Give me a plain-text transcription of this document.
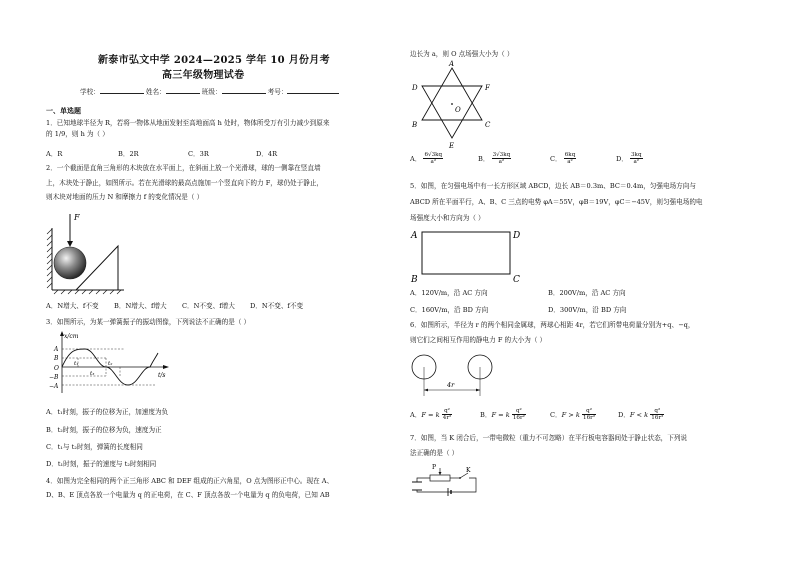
新泰市弘文中学 2024—2025 学年 10 月份月考
高三年级物理试卷
学校：	姓名：	班级：	考号：
一、单选题
1．已知地球半径为 R，若将一物体从地面发射至高地面高 h 处时，物体所受万有引力减少到原来
的 1/9，则 h 为（ ）
A．R	B．2R	C．3R	D．4R
2．一个截面是直角三角形的木块放在水平面上，在斜面上放一个光滑球，球的一侧靠在竖直墙
上，木块处于静止，如图所示。若在光滑球的最高点施加一个竖直向下的力 F，球仍处于静止，
则木块对地面的压力 N 和摩擦力 f 的变化情况是（ ）
F
A．N增大、f不变 B．N增大、f增大 C．N不变、f增大 D．N不变、f不变
3．如图所示，为某一弹簧振子的振动图像，下列说法不正确的是（ ）
x/cm
t/s
A
B
O
−B
−A
t₁	t₂
t₃
A．t₁时刻，振子的位移为正，加速度为负
B．t₂时刻，振子的位移为负，速度为正
C．t₁与 t₂时刻，弹簧的长度相同
D．t₁时刻，振子的速度与 t₂时刻相同
4．如图为完全相同的两个正三角形 ABC 和 DEF 组成的正六角星，O 点为图形正中心。现在 A、
D、B、E 顶点各放一个电量为 q 的正电荷，在 C、F 顶点各放一个电量为 q 的负电荷，已知 AB
边长为 a，则 O 点场强大小为（ ）
A
B	C
D
E
F
O
A． $\frac{6√3kq}{\text{a²}}$	B． $\frac{3√3kq}{\text{a²}}$	C． $\frac{6kq}{\text{a²}}$	D． $\frac{3kq}{\text{a²}}$
5．如图，在匀强电场中有一长方形区域 ABCD，边长 AB＝0.3m、BC＝0.4m，匀强电场方向与
ABCD 所在平面平行，A、B、C 三点的电势 φA＝55V，φB＝19V，φC＝−45V，则匀强电场的电
场强度大小和方向为（ ）
A
B	C
D
A．120V/m，沿 AC 方向	B．200V/m，沿 AC 方向
C．160V/m，沿 BD 方向	D．300V/m，沿 BD 方向
6．如图所示，半径为 r 的两个相同金属球，两球心相距 4r，若它们所带电荷量分别为+q、−q，
则它们之间相互作用的静电力 F 的大小为（ ）
4r
A．F = k $\frac{\text{q²}}{\text{4r²}}$	B．F = k $\frac{\text{q²}}{\text{16r²}}$	C．F > k $\frac{\text{q²}}{\text{16r²}}$	D．F < k $\frac{\text{q²}}{\text{16r²}}$
7．如图，当 K 闭合后，一带电微粒（重力不可忽略）在平行板电容器间处于静止状态，下列说
法正确的是（ ）
P	K
